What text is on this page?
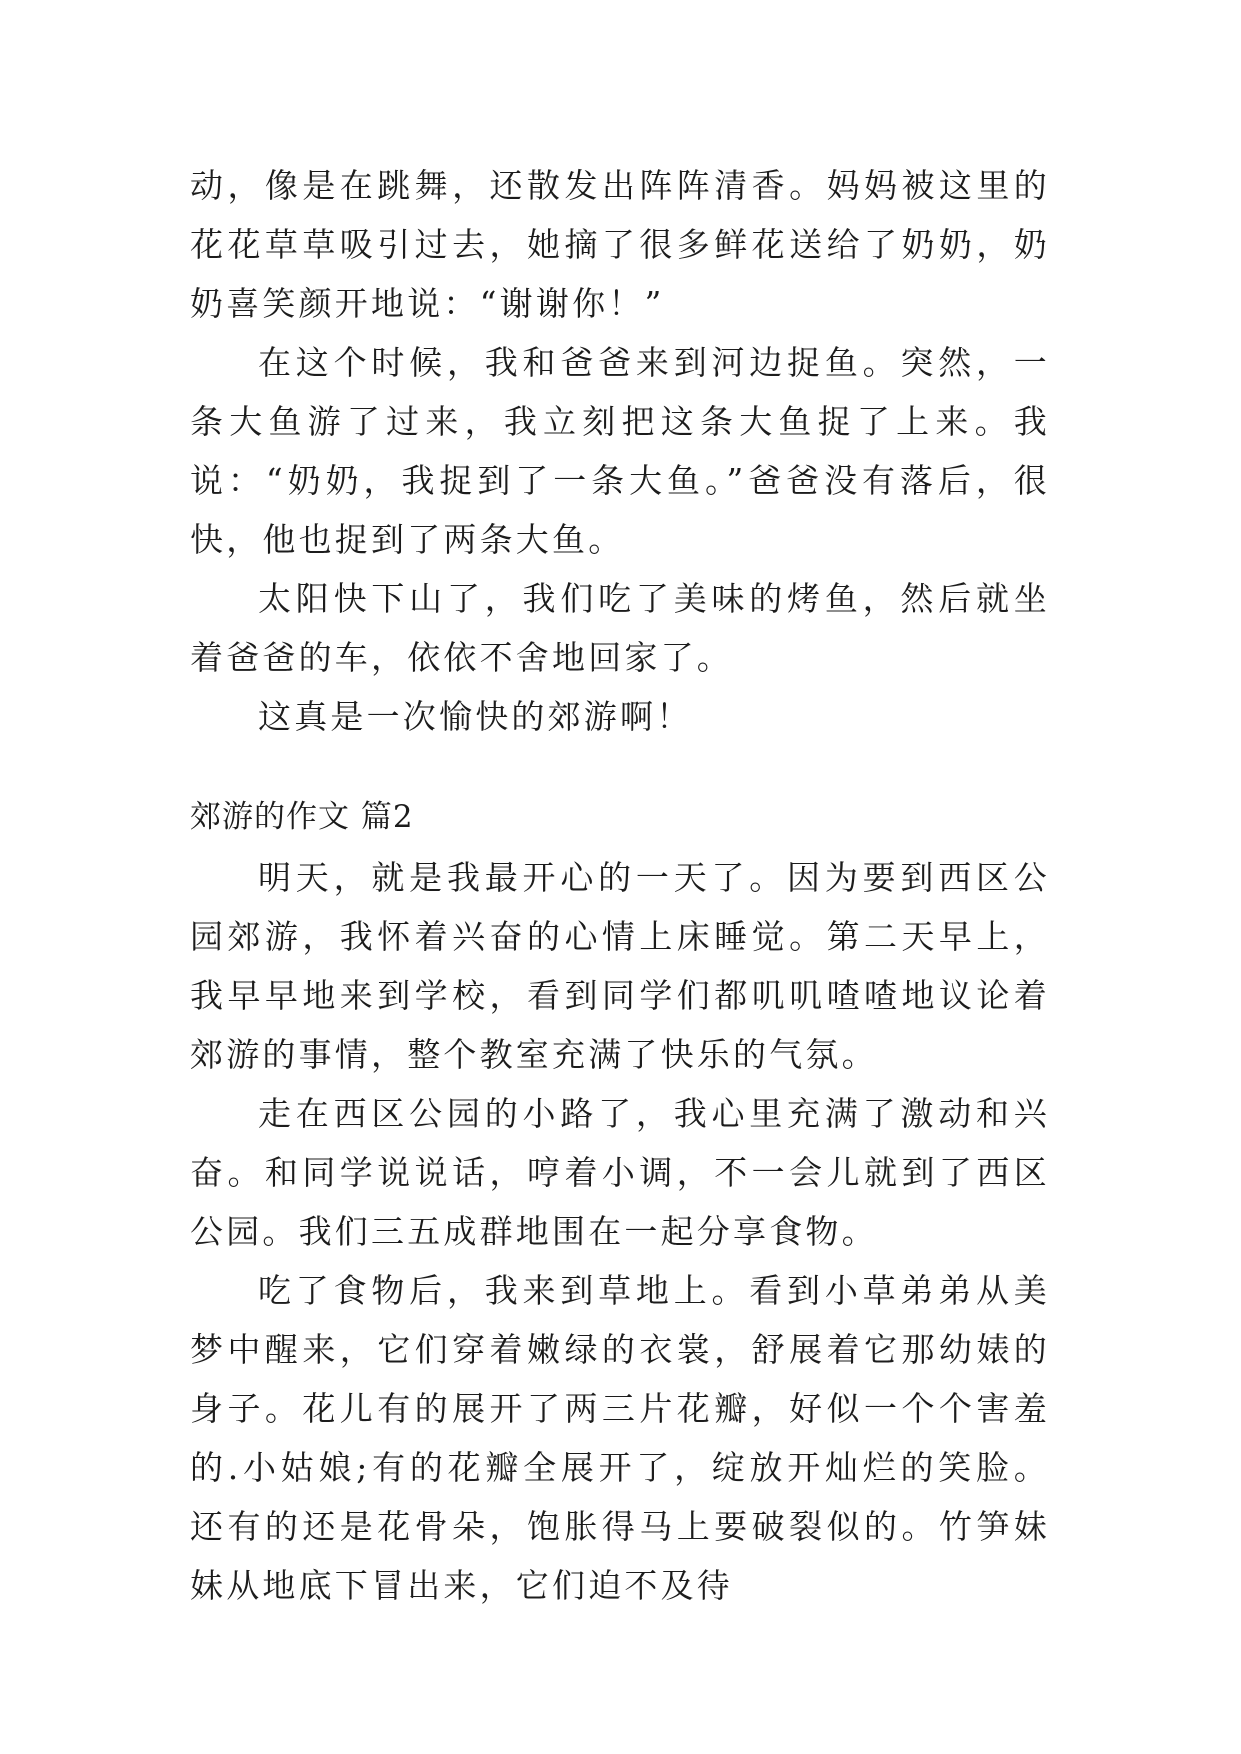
动，像是在跳舞，还散发出阵阵清香。妈妈被这里的花花草草吸引过去，她摘了很多鲜花送给了奶奶，奶奶喜笑颜开地说：“谢谢你！”

在这个时候，我和爸爸来到河边捉鱼。突然，一条大鱼游了过来，我立刻把这条大鱼捉了上来。我说：“奶奶，我捉到了一条大鱼。”爸爸没有落后，很快，他也捉到了两条大鱼。

太阳快下山了，我们吃了美味的烤鱼，然后就坐着爸爸的车，依依不舍地回家了。

这真是一次愉快的郊游啊！

郊游的作文 篇2

明天，就是我最开心的一天了。因为要到西区公园郊游，我怀着兴奋的心情上床睡觉。第二天早上，我早早地来到学校，看到同学们都叽叽喳喳地议论着郊游的事情，整个教室充满了快乐的气氛。

走在西区公园的小路了，我心里充满了激动和兴奋。和同学说说话，哼着小调，不一会儿就到了西区公园。我们三五成群地围在一起分享食物。

吃了食物后，我来到草地上。看到小草弟弟从美梦中醒来，它们穿着嫩绿的衣裳，舒展着它那幼婊的身子。花儿有的展开了两三片花瓣，好似一个个害羞的.小姑娘;有的花瓣全展开了，绽放开灿烂的笑脸。还有的还是花骨朵，饱胀得马上要破裂似的。竹笋妹妹从地底下冒出来，它们迫不及待
